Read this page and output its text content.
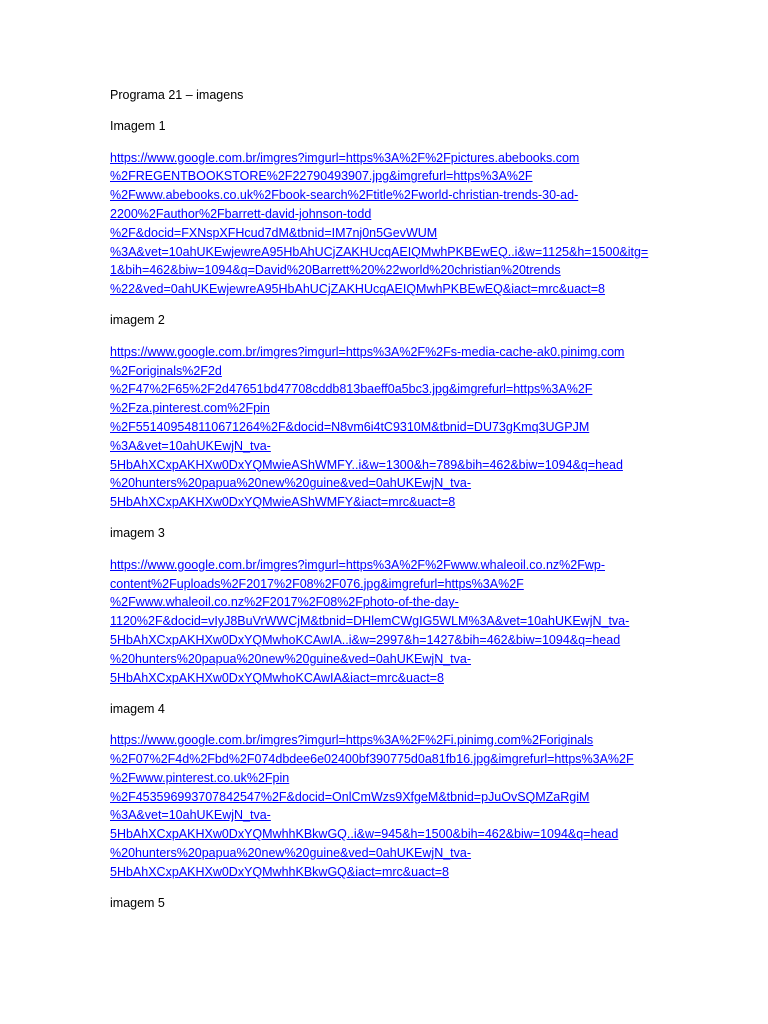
Programa 21 – imagens

Imagem 1

https://www.google.com.br/imgres?imgurl=https%3A%2F%2Fpictures.abebooks.com
%2FREGENTBOOKSTORE%2F22790493907.jpg&imgrefurl=https%3A%2F
%2Fwww.abebooks.co.uk%2Fbook-search%2Ftitle%2Fworld-christian-trends-30-ad-
2200%2Fauthor%2Fbarrett-david-johnson-todd
%2F&docid=FXNspXFHcud7dM&tbnid=IM7nj0n5GevWUM
%3A&vet=10ahUKEwjewreA95HbAhUCjZAKHUcqAEIQMwhPKBEwEQ..i&w=1125&h=1500&itg=
1&bih=462&biw=1094&q=David%20Barrett%20%22world%20christian%20trends
%22&ved=0ahUKEwjewreA95HbAhUCjZAKHUcqAEIQMwhPKBEwEQ&iact=mrc&uact=8

imagem 2

https://www.google.com.br/imgres?imgurl=https%3A%2F%2Fs-media-cache-ak0.pinimg.com
%2Foriginals%2F2d
%2F47%2F65%2F2d47651bd47708cddb813baeff0a5bc3.jpg&imgrefurl=https%3A%2F
%2Fza.pinterest.com%2Fpin
%2F551409548110671264%2F&docid=N8vm6i4tC9310M&tbnid=DU73gKmq3UGPJM
%3A&vet=10ahUKEwjN_tva-
5HbAhXCxpAKHXw0DxYQMwieAShWMFY..i&w=1300&h=789&bih=462&biw=1094&q=head
%20hunters%20papua%20new%20guine&ved=0ahUKEwjN_tva-
5HbAhXCxpAKHXw0DxYQMwieAShWMFY&iact=mrc&uact=8

imagem 3

https://www.google.com.br/imgres?imgurl=https%3A%2F%2Fwww.whaleoil.co.nz%2Fwp-
content%2Fuploads%2F2017%2F08%2F076.jpg&imgrefurl=https%3A%2F
%2Fwww.whaleoil.co.nz%2F2017%2F08%2Fphoto-of-the-day-
1120%2F&docid=vIyJ8BuVrWWCjM&tbnid=DHlemCWgIG5WLM%3A&vet=10ahUKEwjN_tva-
5HbAhXCxpAKHXw0DxYQMwhoKCAwIA..i&w=2997&h=1427&bih=462&biw=1094&q=head
%20hunters%20papua%20new%20guine&ved=0ahUKEwjN_tva-
5HbAhXCxpAKHXw0DxYQMwhoKCAwIA&iact=mrc&uact=8

imagem 4

https://www.google.com.br/imgres?imgurl=https%3A%2F%2Fi.pinimg.com%2Foriginals
%2F07%2F4d%2Fbd%2F074dbdee6e02400bf390775d0a81fb16.jpg&imgrefurl=https%3A%2F
%2Fwww.pinterest.co.uk%2Fpin
%2F453596993707842547%2F&docid=OnlCmWzs9XfgeM&tbnid=pJuOvSQMZaRgiM
%3A&vet=10ahUKEwjN_tva-
5HbAhXCxpAKHXw0DxYQMwhhKBkwGQ..i&w=945&h=1500&bih=462&biw=1094&q=head
%20hunters%20papua%20new%20guine&ved=0ahUKEwjN_tva-
5HbAhXCxpAKHXw0DxYQMwhhKBkwGQ&iact=mrc&uact=8

imagem 5
